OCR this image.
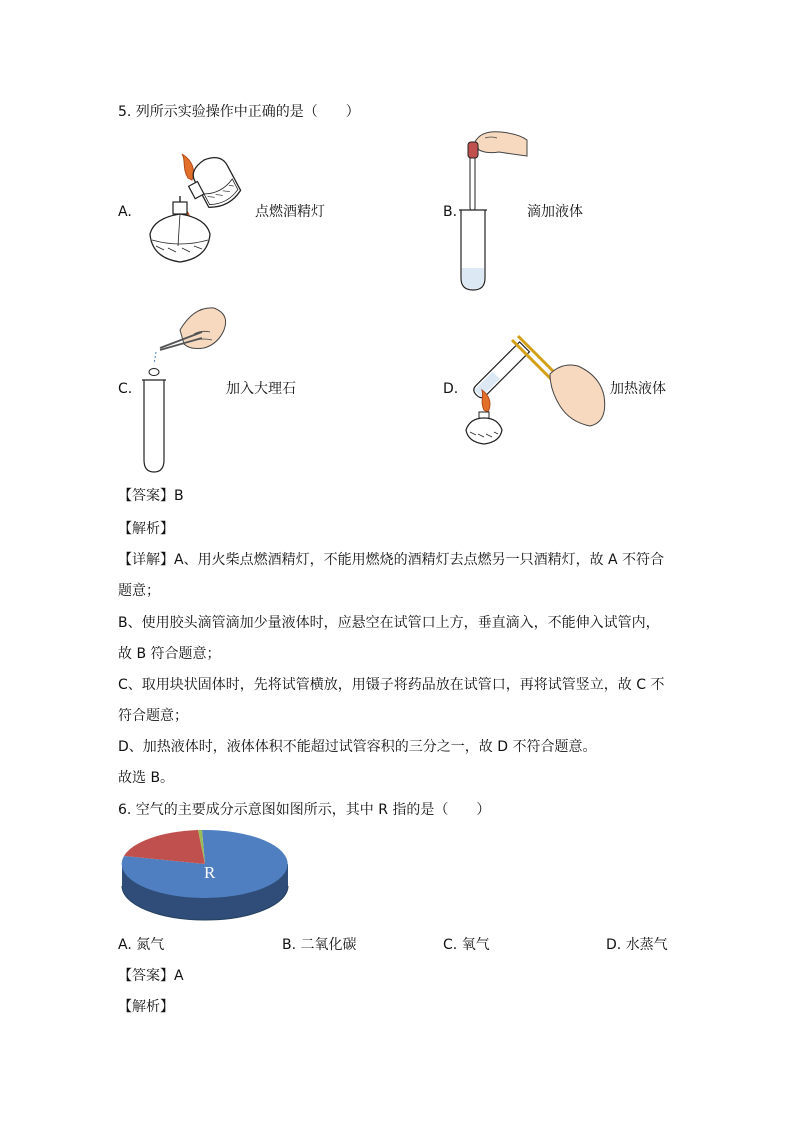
5. 列所示实验操作中正确的是（　　）
A.	点燃酒精灯	B.	滴加液体
C.	加入大理石	D.	加热液体
【答案】B
【解析】
【详解】A、用火柴点燃酒精灯，不能用燃烧的酒精灯去点燃另一只酒精灯，故 A 不符合
题意；
B、使用胶头滴管滴加少量液体时，应悬空在试管口上方，垂直滴入，不能伸入试管内，
故 B 符合题意；
C、取用块状固体时，先将试管横放，用镊子将药品放在试管口，再将试管竖立，故 C 不
符合题意；
D、加热液体时，液体体积不能超过试管容积的三分之一，故 D 不符合题意。
故选 B。
6. 空气的主要成分示意图如图所示，其中 R 指的是（　　）
R
A. 氮气	B. 二氧化碳	C. 氧气	D. 水蒸气
【答案】A
【解析】
